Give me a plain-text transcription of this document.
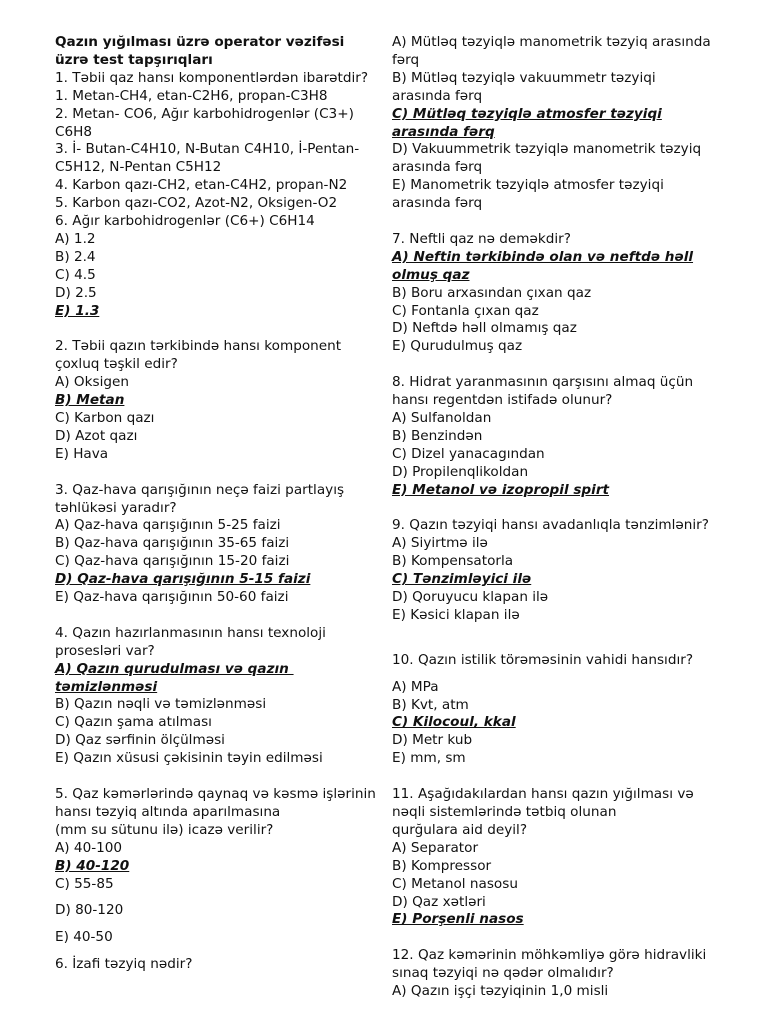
Qazın yığılması üzrə operator vəzifəsi
üzrə test tapşırıqları
1. Təbii qaz hansı komponentlərdən ibarətdir?
1. Metan-CH4, etan-C2H6, propan-C3H8
2. Metan- CO6, Ağır karbohidrogenlər (C3+)
C6H8
3. İ- Butan-C4H10, N-Butan C4H10, İ-Pentan-
C5H12, N-Pentan C5H12
4. Karbon qazı-CH2, etan-C4H2, propan-N2
5. Karbon qazı-CO2, Azot-N2, Oksigen-O2
6. Ağır karbohidrogenlər (C6+) C6H14
A) 1.2
B) 2.4
C) 4.5
D) 2.5
E) 1.3
2. Təbii qazın tərkibində hansı komponent
çoxluq təşkil edir?
A) Oksigen
B) Metan
C) Karbon qazı
D) Azot qazı
E) Hava
3. Qaz-hava qarışığının neçə faizi partlayış
təhlükəsi yaradır?
A) Qaz-hava qarışığının 5-25 faizi
B) Qaz-hava qarışığının 35-65 faizi
C) Qaz-hava qarışığının 15-20 faizi
D) Qaz-hava qarışığının 5-15 faizi
E) Qaz-hava qarışığının 50-60 faizi
4. Qazın hazırlanmasının hansı texnoloji
prosesləri var?
A) Qazın qurudulması və qazın
təmizlənməsi
B) Qazın nəqli və təmizlənməsi
C) Qazın şama atılması
D) Qaz sərfinin ölçülməsi
E) Qazın xüsusi çəkisinin təyin edilməsi
5. Qaz kəmərlərində qaynaq və kəsmə işlərinin
hansı təzyiq altında aparılmasına
(mm su sütunu ilə) icazə verilir?
A) 40-100
B) 40-120
C) 55-85
D) 80-120
E) 40-50
6. İzafi təzyiq nədir?
A) Mütləq təzyiqlə manometrik təzyiq arasında
fərq
B) Mütləq təzyiqlə vakuummetr təzyiqi
arasında fərq
C) Mütləq təzyiqlə atmosfer təzyiqi
arasında fərq
D) Vakuummetrik təzyiqlə manometrik təzyiq
arasında fərq
E) Manometrik təzyiqlə atmosfer təzyiqi
arasında fərq
7. Neftli qaz nə deməkdir?
A) Neftin tərkibində olan və neftdə həll
olmuş qaz
B) Boru arxasından çıxan qaz
C) Fontanla çıxan qaz
D) Neftdə həll olmamış qaz
E) Qurudulmuş qaz
8. Hidrat yaranmasının qarşısını almaq üçün
hansı regentdən istifadə olunur?
A) Sulfanoldan
B) Benzindən
C) Dizel yanacagından
D) Propilenqlikoldan
E) Metanol və izopropil spirt
9. Qazın təzyiqi hansı avadanlıqla tənzimlənir?
A) Siyirtmə ilə
B) Kompensatorla
C) Tənzimləyici ilə
D) Qoruyucu klapan ilə
E) Kəsici klapan ilə
10. Qazın istilik törəməsinin vahidi hansıdır?
A) MPa
B) Kvt, atm
C) Kilocoul, kkal
D) Metr kub
E) mm, sm
11. Aşağıdakılardan hansı qazın yığılması və
nəqli sistemlərində tətbiq olunan
qurğulara aid deyil?
A) Separator
B) Kompressor
C) Metanol nasosu
D) Qaz xətləri
E) Porşenli nasos
12. Qaz kəmərinin möhkəmliyə görə hidravliki
sınaq təzyiqi nə qədər olmalıdır?
A) Qazın işçi təzyiqinin 1,0 misli
